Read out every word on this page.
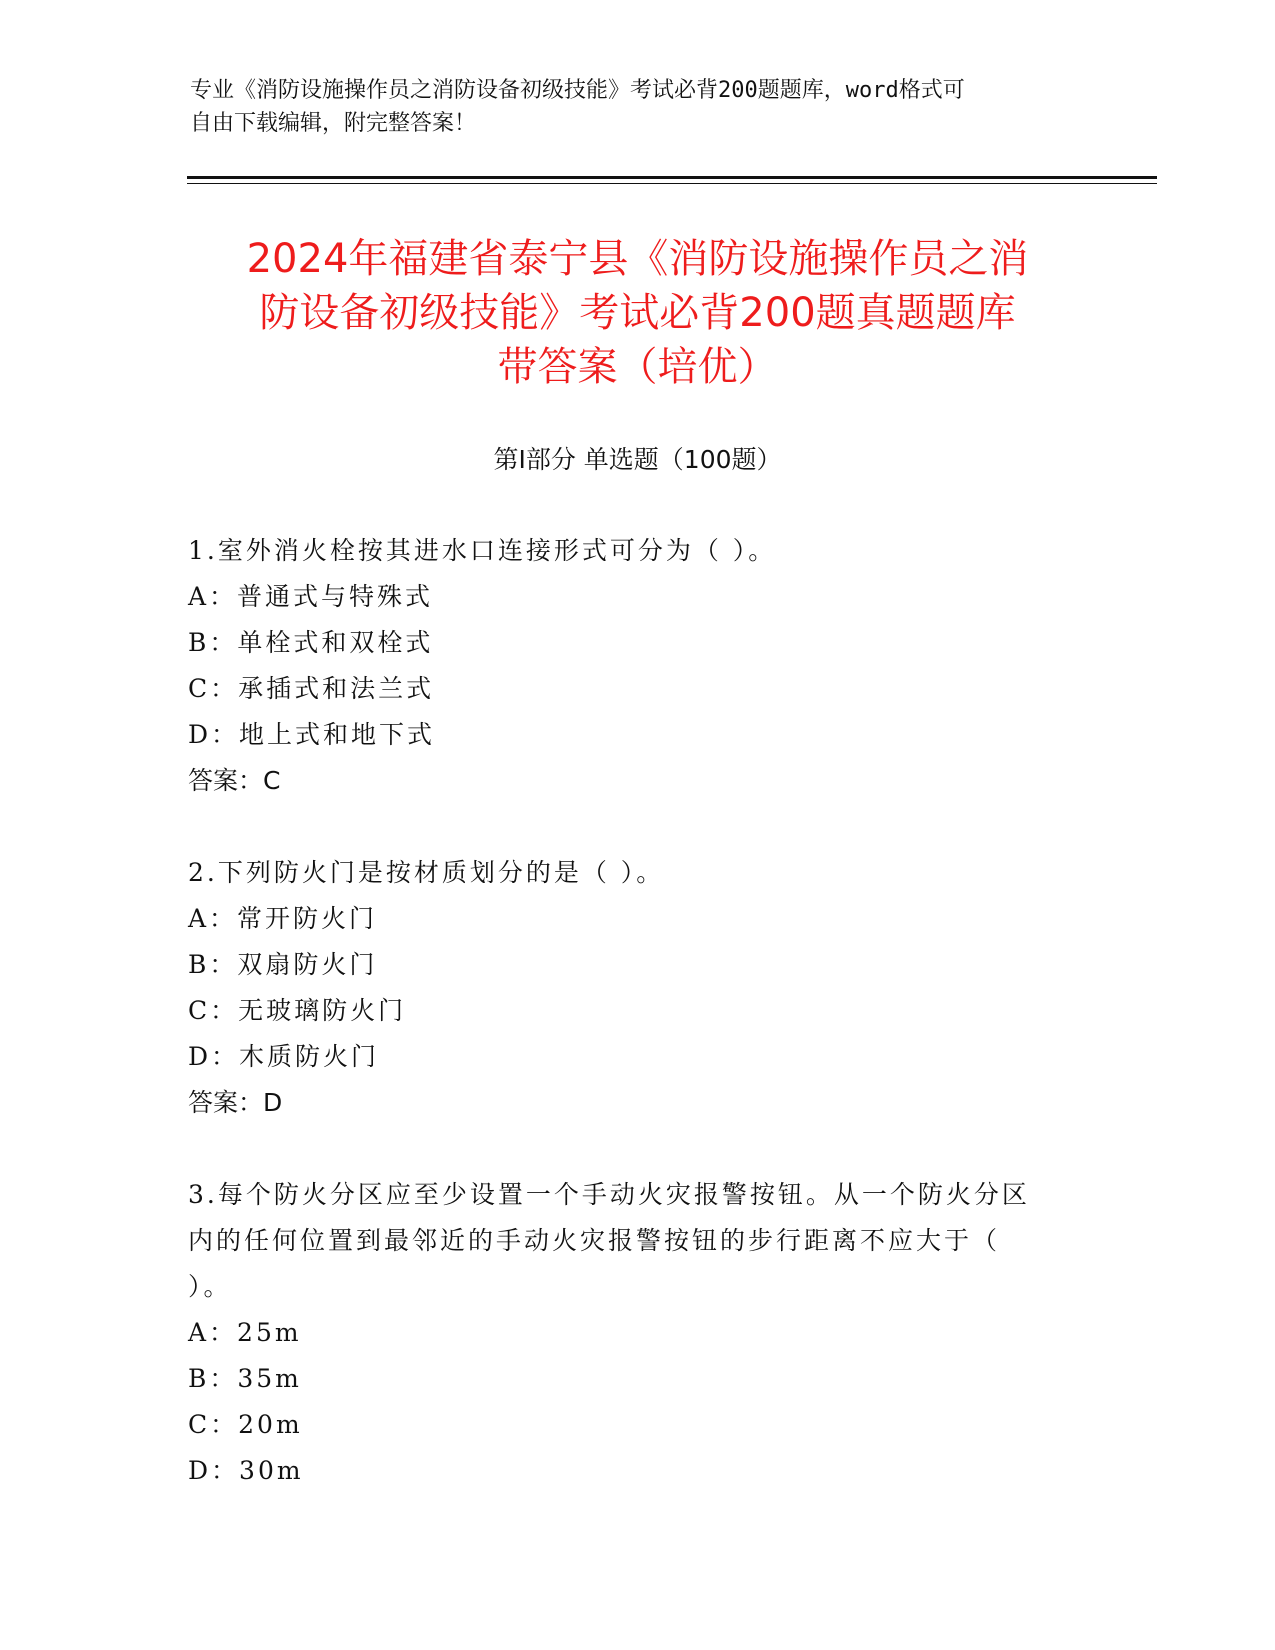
专业《消防设施操作员之消防设备初级技能》考试必背200题题库，word格式可
自由下载编辑，附完整答案！
2024年福建省泰宁县《消防设施操作员之消
防设备初级技能》考试必背200题真题题库
带答案（培优）
第Ⅰ部分 单选题（100题）
1.室外消火栓按其进水口连接形式可分为（ ）。
A：普通式与特殊式
B：单栓式和双栓式
C：承插式和法兰式
D：地上式和地下式
答案：C
2.下列防火门是按材质划分的是（ ）。
A：常开防火门
B：双扇防火门
C：无玻璃防火门
D：木质防火门
答案：D
3.每个防火分区应至少设置一个手动火灾报警按钮。从一个防火分区
内的任何位置到最邻近的手动火灾报警按钮的步行距离不应大于（
）。
A：25m
B：35m
C：20m
D：30m
